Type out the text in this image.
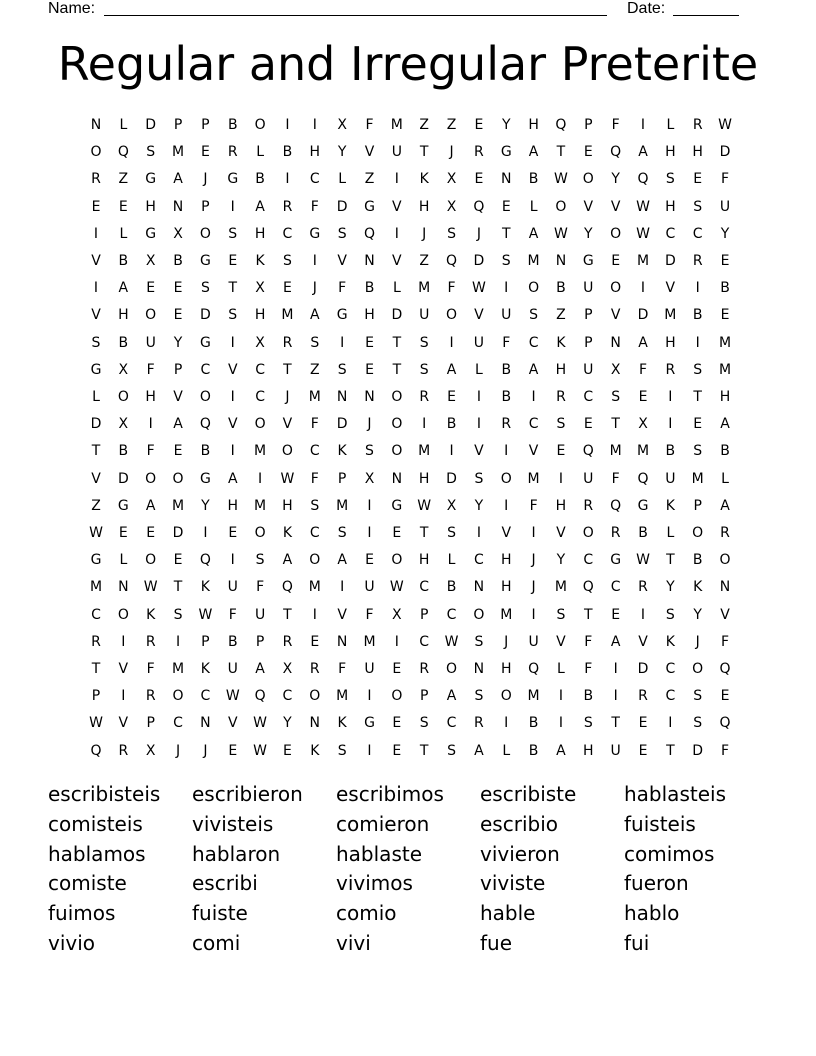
Name:	Date:
Regular and Irregular Preterite
N	L	D	P	P	B	O	I	I	X	F	M	Z	Z	E	Y	H	Q	P	F	I	L	R	W
O	Q	S	M	E	R	L	B	H	Y	V	U	T	J	R	G	A	T	E	Q	A	H	H	D
R	Z	G	A	J	G	B	I	C	L	Z	I	K	X	E	N	B	W	O	Y	Q	S	E	F
E	E	H	N	P	I	A	R	F	D	G	V	H	X	Q	E	L	O	V	V	W	H	S	U
I	L	G	X	O	S	H	C	G	S	Q	I	J	S	J	T	A	W	Y	O	W	C	C	Y
V	B	X	B	G	E	K	S	I	V	N	V	Z	Q	D	S	M	N	G	E	M	D	R	E
I	A	E	E	S	T	X	E	J	F	B	L	M	F	W	I	O	B	U	O	I	V	I	B
V	H	O	E	D	S	H	M	A	G	H	D	U	O	V	U	S	Z	P	V	D	M	B	E
S	B	U	Y	G	I	X	R	S	I	E	T	S	I	U	F	C	K	P	N	A	H	I	M
G	X	F	P	C	V	C	T	Z	S	E	T	S	A	L	B	A	H	U	X	F	R	S	M
L	O	H	V	O	I	C	J	M	N	N	O	R	E	I	B	I	R	C	S	E	I	T	H
D	X	I	A	Q	V	O	V	F	D	J	O	I	B	I	R	C	S	E	T	X	I	E	A
T	B	F	E	B	I	M	O	C	K	S	O	M	I	V	I	V	E	Q	M	M	B	S	B
V	D	O	O	G	A	I	W	F	P	X	N	H	D	S	O	M	I	U	F	Q	U	M	L
Z	G	A	M	Y	H	M	H	S	M	I	G	W	X	Y	I	F	H	R	Q	G	K	P	A
W	E	E	D	I	E	O	K	C	S	I	E	T	S	I	V	I	V	O	R	B	L	O	R
G	L	O	E	Q	I	S	A	O	A	E	O	H	L	C	H	J	Y	C	G	W	T	B	O
M	N	W	T	K	U	F	Q	M	I	U	W	C	B	N	H	J	M	Q	C	R	Y	K	N
C	O	K	S	W	F	U	T	I	V	F	X	P	C	O	M	I	S	T	E	I	S	Y	V
R	I	R	I	P	B	P	R	E	N	M	I	C	W	S	J	U	V	F	A	V	K	J	F
T	V	F	M	K	U	A	X	R	F	U	E	R	O	N	H	Q	L	F	I	D	C	O	Q
P	I	R	O	C	W	Q	C	O	M	I	O	P	A	S	O	M	I	B	I	R	C	S	E
W	V	P	C	N	V	W	Y	N	K	G	E	S	C	R	I	B	I	S	T	E	I	S	Q
Q	R	X	J	J	E	W	E	K	S	I	E	T	S	A	L	B	A	H	U	E	T	D	F
escribisteis escribieron escribimos escribiste hablasteis
comisteis vivisteis	comieron	escribio	fuisteis
hablamos hablaron	hablaste	vivieron	comimos
comiste	escribi	vivimos	viviste	fueron
fuimos	fuiste	comio	hable	hablo
vivio	comi	vivi	fue	fui
